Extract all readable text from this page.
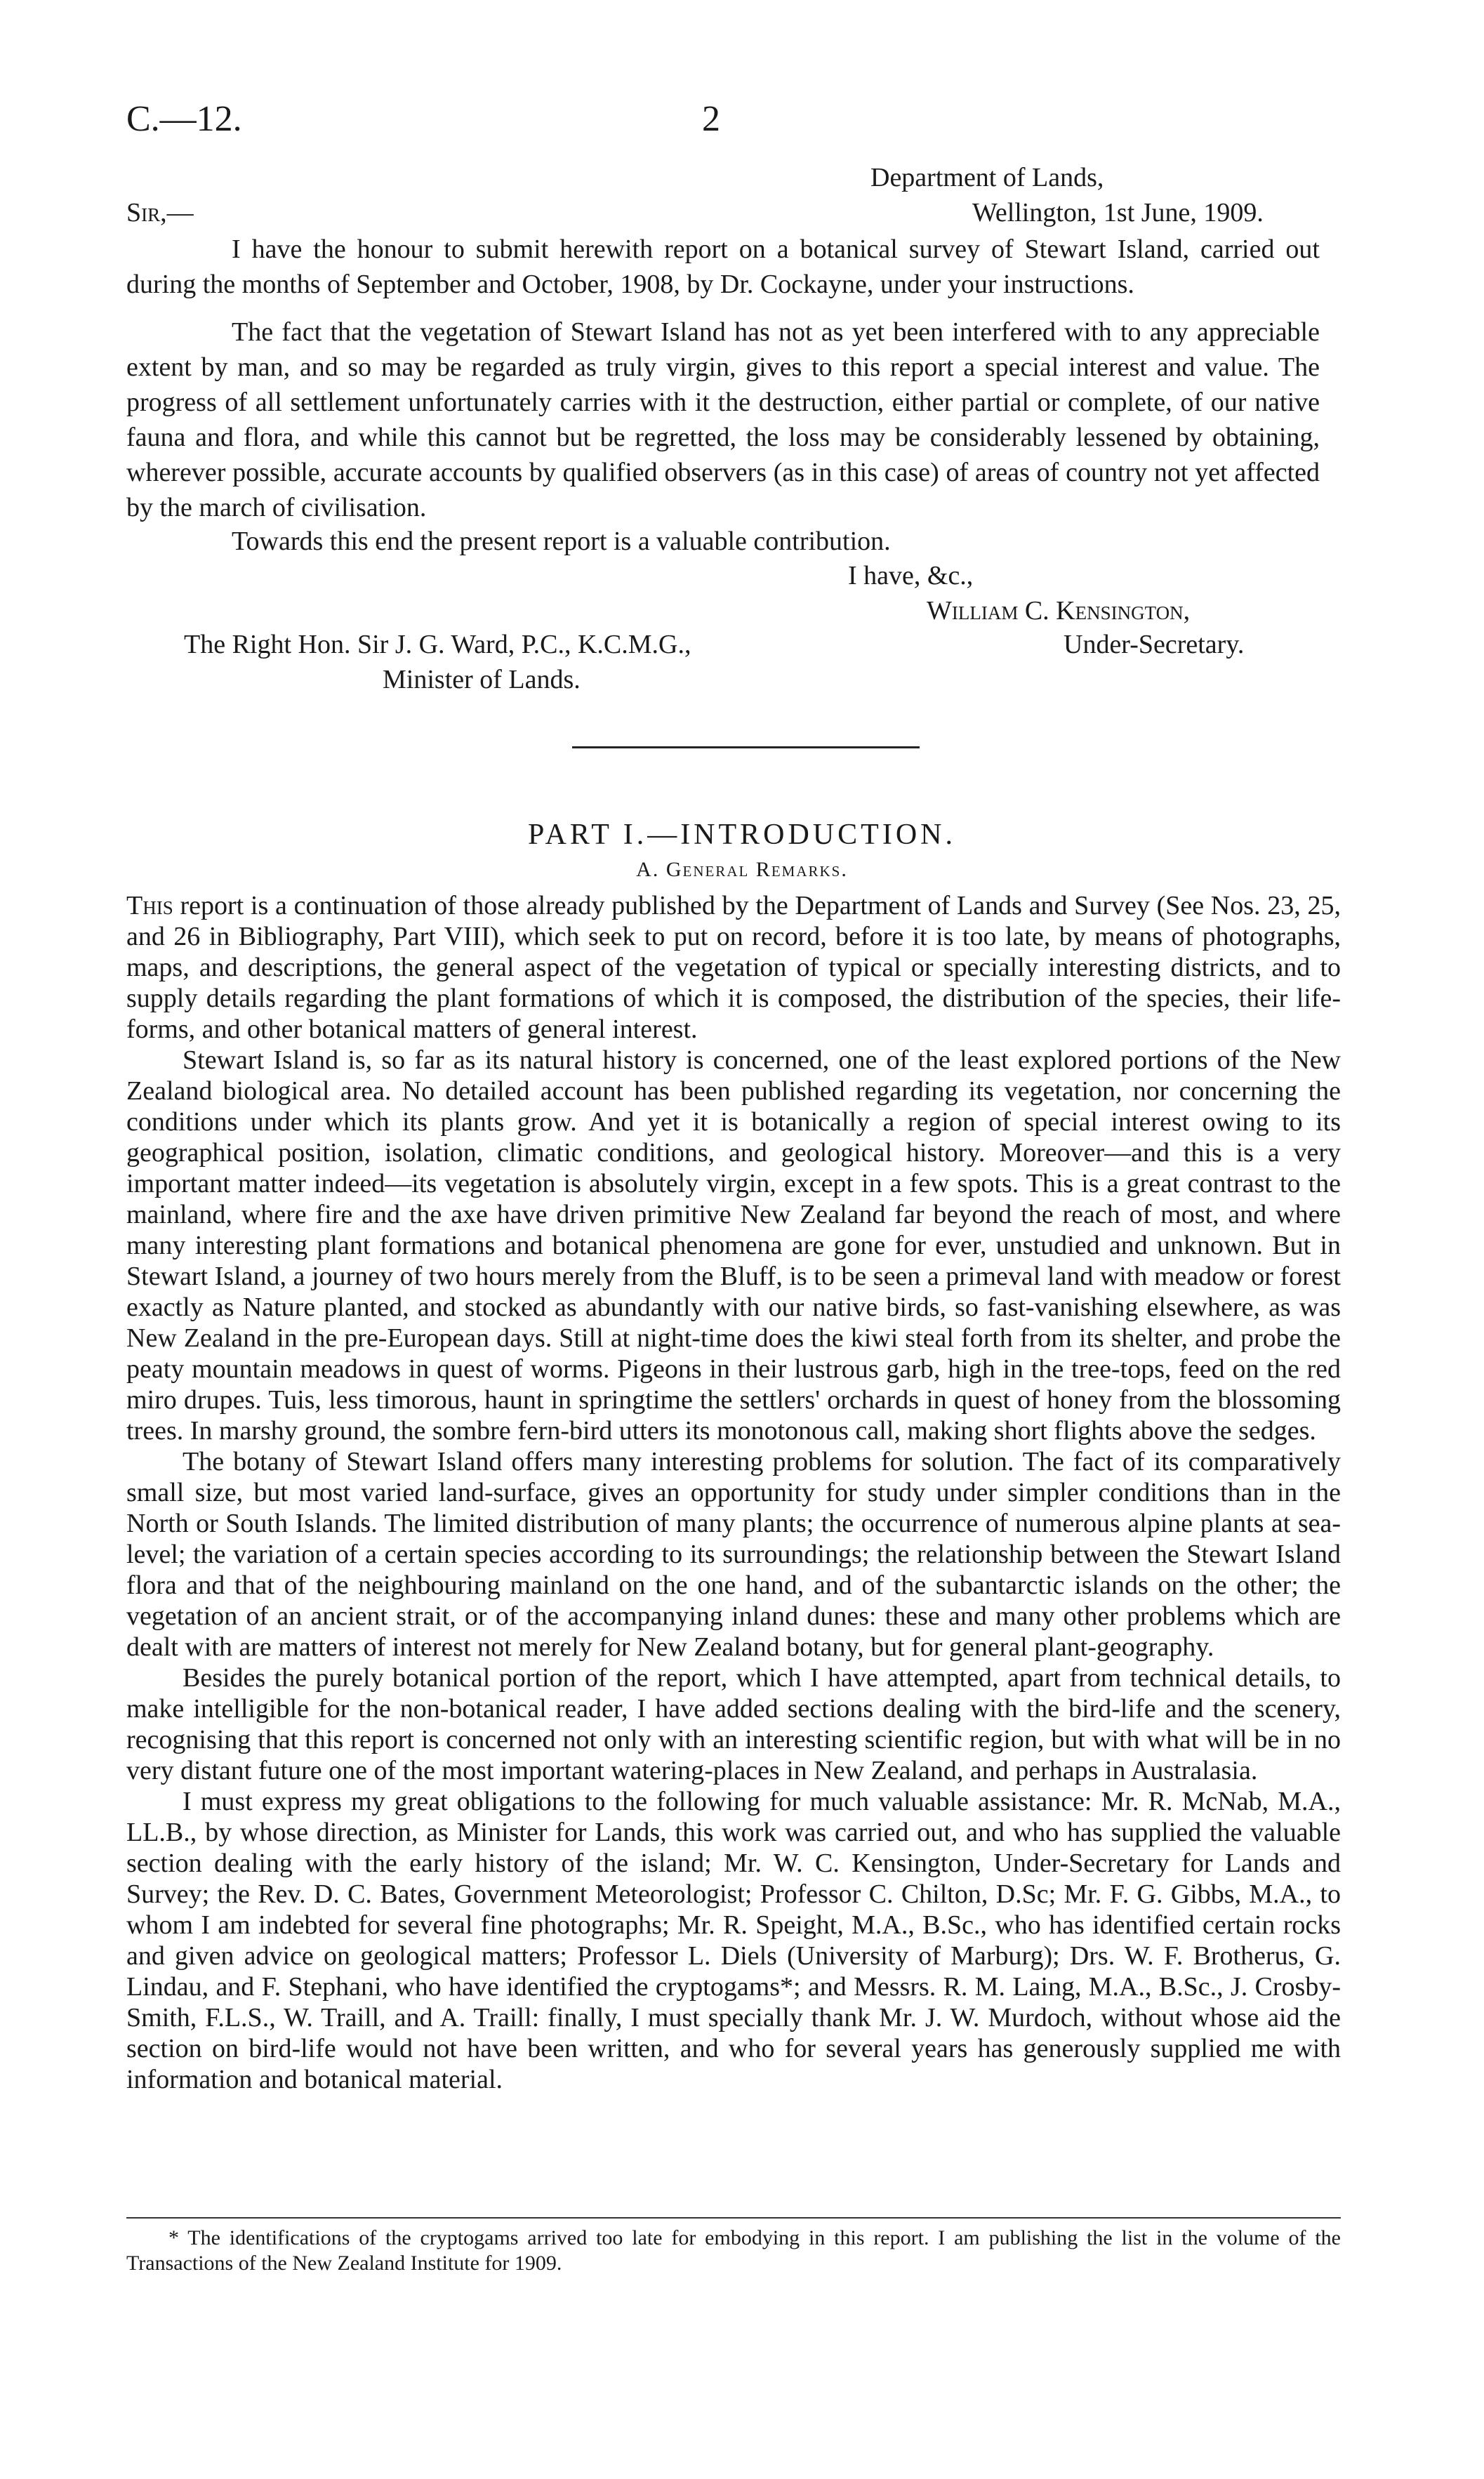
C.—12.	2
Department of Lands,
Sir,—	Wellington, 1st June, 1909.

I have the honour to submit herewith report on a botanical survey of Stewart Island, carried out during the months of September and October, 1908, by Dr. Cockayne, under your instructions.

The fact that the vegetation of Stewart Island has not as yet been interfered with to any appreciable extent by man, and so may be regarded as truly virgin, gives to this report a special interest and value. The progress of all settlement unfortunately carries with it the destruction, either partial or complete, of our native fauna and flora, and while this cannot but be regretted, the loss may be considerably lessened by obtaining, wherever possible, accurate accounts by qualified observers (as in this case) of areas of country not yet affected by the march of civilisation.

Towards this end the present report is a valuable contribution.

I have, &c.,
William C. Kensington,
The Right Hon. Sir J. G. Ward, P.C., K.C.M.G.,	Under-Secretary.
Minister of Lands.
PART I.—INTRODUCTION.
A. General Remarks.

This report is a continuation of those already published by the Department of Lands and Survey (See Nos. 23, 25, and 26 in Bibliography, Part VIII), which seek to put on record, before it is too late, by means of photographs, maps, and descriptions, the general aspect of the vegetation of typical or specially interesting districts, and to supply details regarding the plant formations of which it is composed, the distribution of the species, their life-forms, and other botanical matters of general interest.

Stewart Island is, so far as its natural history is concerned, one of the least explored portions of the New Zealand biological area. No detailed account has been published regarding its vegetation, nor concerning the conditions under which its plants grow. And yet it is botanically a region of special interest owing to its geographical position, isolation, climatic conditions, and geological history. Moreover—and this is a very important matter indeed—its vegetation is absolutely virgin, except in a few spots. This is a great contrast to the mainland, where fire and the axe have driven primitive New Zealand far beyond the reach of most, and where many interesting plant formations and botanical phenomena are gone for ever, unstudied and unknown. But in Stewart Island, a journey of two hours merely from the Bluff, is to be seen a primeval land with meadow or forest exactly as Nature planted, and stocked as abundantly with our native birds, so fast-vanishing elsewhere, as was New Zealand in the pre-European days. Still at night-time does the kiwi steal forth from its shelter, and probe the peaty mountain meadows in quest of worms. Pigeons in their lustrous garb, high in the tree-tops, feed on the red miro drupes. Tuis, less timorous, haunt in springtime the settlers' orchards in quest of honey from the blossoming trees. In marshy ground, the sombre fern-bird utters its monotonous call, making short flights above the sedges.

The botany of Stewart Island offers many interesting problems for solution. The fact of its comparatively small size, but most varied land-surface, gives an opportunity for study under simpler conditions than in the North or South Islands. The limited distribution of many plants; the occurrence of numerous alpine plants at sea-level; the variation of a certain species according to its surroundings; the relationship between the Stewart Island flora and that of the neighbouring mainland on the one hand, and of the subantarctic islands on the other; the vegetation of an ancient strait, or of the accompanying inland dunes: these and many other problems which are dealt with are matters of interest not merely for New Zealand botany, but for general plant-geography.

Besides the purely botanical portion of the report, which I have attempted, apart from technical details, to make intelligible for the non-botanical reader, I have added sections dealing with the bird-life and the scenery, recognising that this report is concerned not only with an interesting scientific region, but with what will be in no very distant future one of the most important watering-places in New Zealand, and perhaps in Australasia.

I must express my great obligations to the following for much valuable assistance: Mr. R. McNab, M.A., LL.B., by whose direction, as Minister for Lands, this work was carried out, and who has supplied the valuable section dealing with the early history of the island; Mr. W. C. Kensington, Under-Secretary for Lands and Survey; the Rev. D. C. Bates, Government Meteorologist; Professor C. Chilton, D.Sc; Mr. F. G. Gibbs, M.A., to whom I am indebted for several fine photographs; Mr. R. Speight, M.A., B.Sc., who has identified certain rocks and given advice on geological matters; Professor L. Diels (University of Marburg); Drs. W. F. Brotherus, G. Lindau, and F. Stephani, who have identified the cryptogams*; and Messrs. R. M. Laing, M.A., B.Sc., J. Crosby-Smith, F.L.S., W. Traill, and A. Traill: finally, I must specially thank Mr. J. W. Murdoch, without whose aid the section on bird-life would not have been written, and who for several years has generously supplied me with information and botanical material.

* The identifications of the cryptogams arrived too late for embodying in this report. I am publishing the list in the volume of the Transactions of the New Zealand Institute for 1909.
